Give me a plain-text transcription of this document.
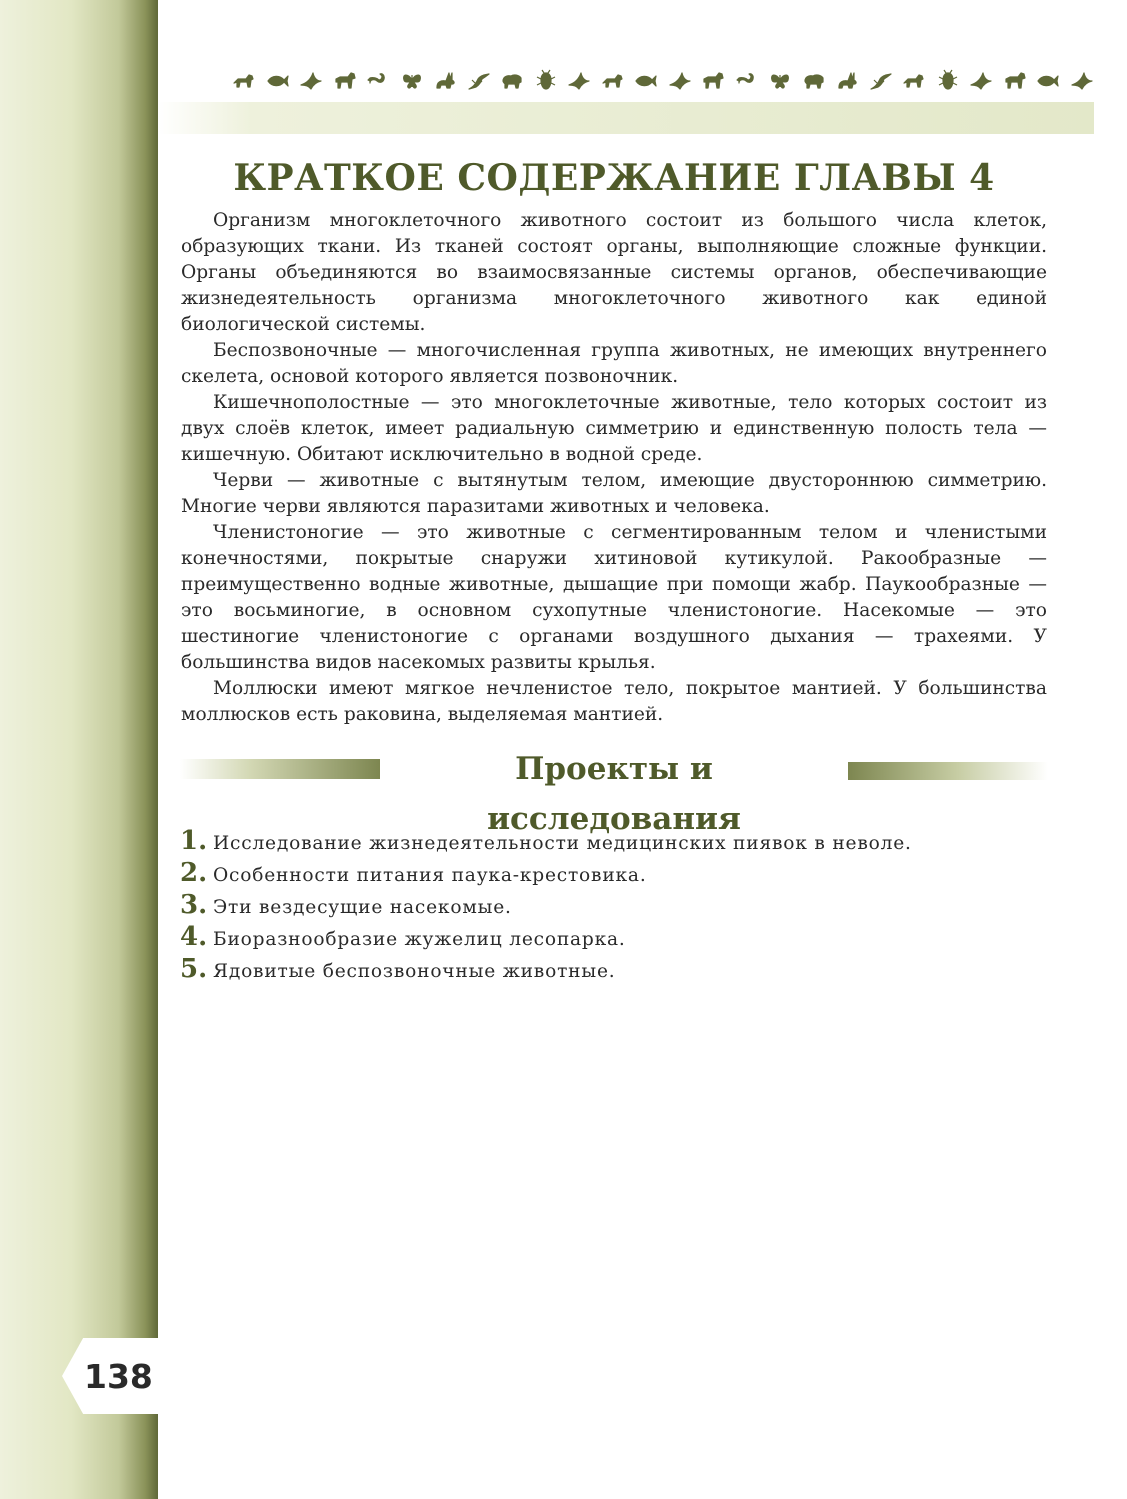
138
КРАТКОЕ СОДЕРЖАНИЕ ГЛАВЫ 4

Организм многоклеточного животного состоит из большого числа клеток, образующих ткани. Из тканей состоят органы, выполняющие сложные функции. Органы объединяются во взаимосвязанные системы органов, обеспечивающие жизнедеятельность организма многоклеточного животного как единой биологической системы.

Беспозвоночные — многочисленная группа животных, не имеющих внутреннего скелета, основой которого является позвоночник.

Кишечнополостные — это многоклеточные животные, тело которых состоит из двух слоёв клеток, имеет радиальную симметрию и единственную полость тела — кишечную. Обитают исключительно в водной среде.

Черви — животные с вытянутым телом, имеющие двустороннюю симметрию. Многие черви являются паразитами животных и человека.

Членистоногие — это животные с сегментированным телом и членистыми конечностями, покрытые снаружи хитиновой кутикулой. Ракообразные — преимущественно водные животные, дышащие при помощи жабр. Паукообразные — это восьминогие, в основном сухопутные членистоногие. Насекомые — это шестиногие членистоногие с органами воздушного дыхания — трахеями. У большинства видов насекомых развиты крылья.

Моллюски имеют мягкое нечленистое тело, покрытое мантией. У большинства моллюсков есть раковина, выделяемая мантией.

Проекты и исследования
1. Исследование жизнедеятельности медицинских пиявок в неволе.
2. Особенности питания паука-крестовика.
3. Эти вездесущие насекомые.
4. Биоразнообразие жужелиц лесопарка.
5. Ядовитые беспозвоночные животные.
